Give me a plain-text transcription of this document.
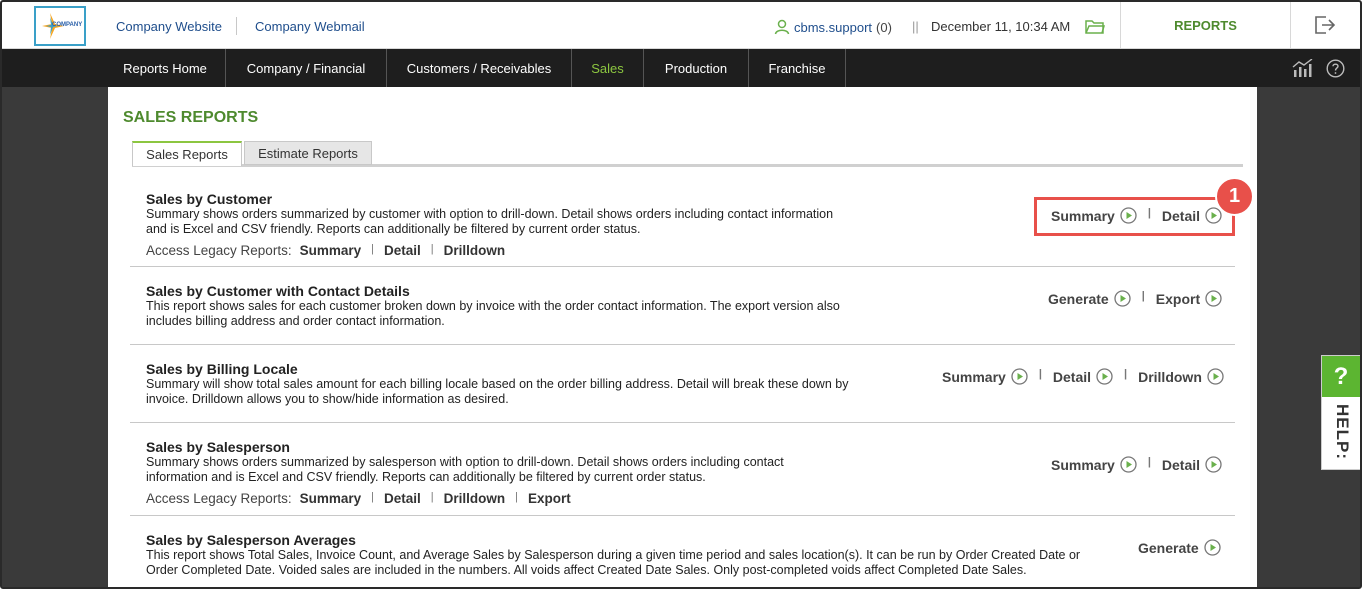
COMPANY	Company Website	Company Webmail	cbms.support (0) || December 11, 10:34 AM	REPORTS
Reports Home	Company / Financial	Customers / Receivables	Sales	Production	Franchise
SALES REPORTS
Sales Reports	Estimate Reports
Sales by Customer
Summary shows orders summarized by customer with option to drill-down. Detail shows orders including contact information
and is Excel and CSV friendly. Reports can additionally be filtered by current order status.
Access Legacy Reports: Summary | Detail | Drilldown
Summary	| Detail
Sales by Customer with Contact Details
This report shows sales for each customer broken down by invoice with the order contact information. The export version also
includes billing address and order contact information.
Generate	| Export
Sales by Billing Locale
Summary will show total sales amount for each billing locale based on the order billing address. Detail will break these down by
invoice. Drilldown allows you to show/hide information as desired.
Summary	| Detail	| Drilldown
Sales by Salesperson
Summary shows orders summarized by salesperson with option to drill-down. Detail shows orders including contact
information and is Excel and CSV friendly. Reports can additionally be filtered by current order status.
Access Legacy Reports: Summary | Detail | Drilldown | Export
Summary	| Detail
Sales by Salesperson Averages
This report shows Total Sales, Invoice Count, and Average Sales by Salesperson during a given time period and sales location(s). It can be run by Order Created Date or
Order Completed Date. Voided sales are included in the numbers. All voids affect Created Date Sales. Only post-completed voids affect Completed Date Sales.
Generate
1
?
HELP:
